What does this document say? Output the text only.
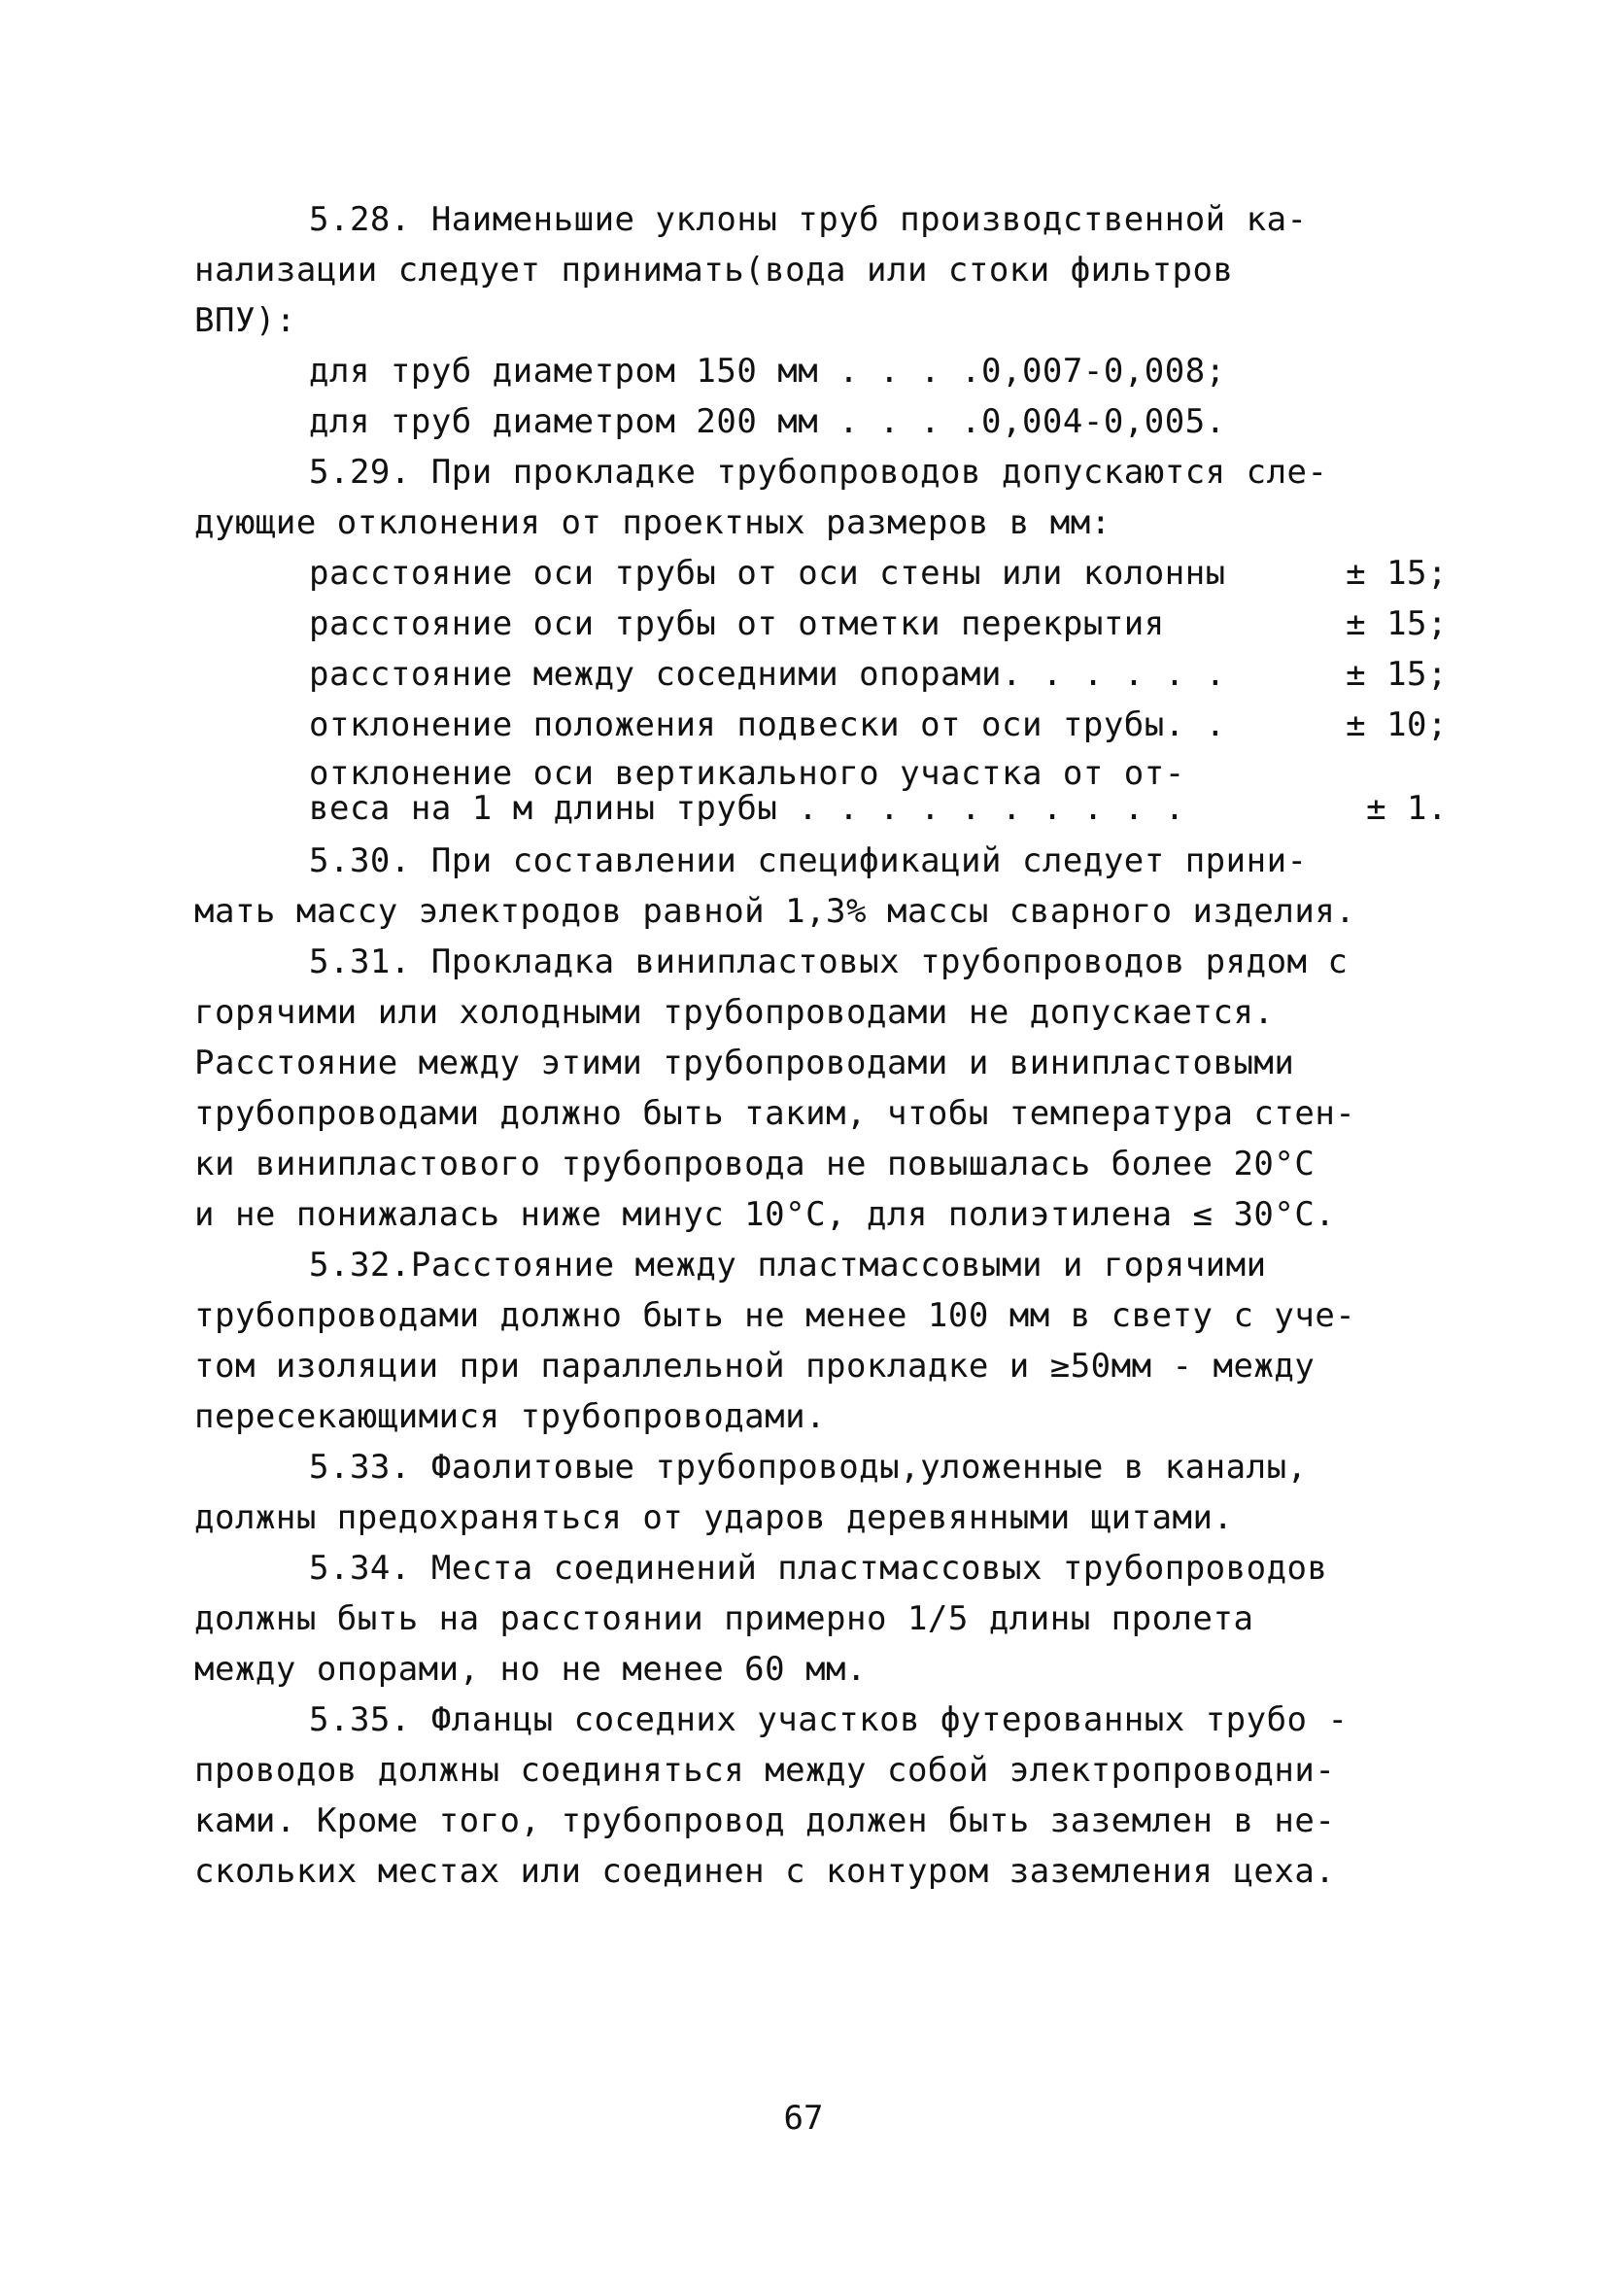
5.28. Наименьшие уклоны труб производственной ка-
нализации следует принимать(вода или стоки фильтров
ВПУ):
для труб диаметром 150 мм . . . .0,007-0,008;
для труб диаметром 200 мм . . . .0,004-0,005.
5.29. При прокладке трубопроводов допускаются сле-
дующие отклонения от проектных размеров в мм:
расстояние оси трубы от оси стены или колонны	± 15;
расстояние оси трубы от отметки перекрытия	± 15;
расстояние между соседними опорами. . . . . .	± 15;
отклонение положения подвески от оси трубы. .	± 10;
отклонение оси вертикального участка от от-
веса на 1 м длины трубы . . . . . . . . . .	± 1.
5.30. При составлении спецификаций следует прини-
мать массу электродов равной 1,3% массы сварного изделия.
5.31. Прокладка винипластовых трубопроводов рядом с
горячими или холодными трубопроводами не допускается.
Расстояние между этими трубопроводами и винипластовыми
трубопроводами должно быть таким, чтобы температура стен-
ки винипластового трубопровода не повышалась более 20°С
и не понижалась ниже минус 10°С, для полиэтилена ≤ 30°С.
5.32.Расстояние между пластмассовыми и горячими
трубопроводами должно быть не менее 100 мм в свету с уче-
том изоляции при параллельной прокладке и ≥50мм - между
пересекающимися трубопроводами.
5.33. Фаолитовые трубопроводы,уложенные в каналы,
должны предохраняться от ударов деревянными щитами.
5.34. Места соединений пластмассовых трубопроводов
должны быть на расстоянии примерно 1/5 длины пролета
между опорами, но не менее 60 мм.
5.35. Фланцы соседних участков футерованных трубо -
проводов должны соединяться между собой электропроводни-
ками. Кроме того, трубопровод должен быть заземлен в не-
скольких местах или соединен с контуром заземления цеха.
67
